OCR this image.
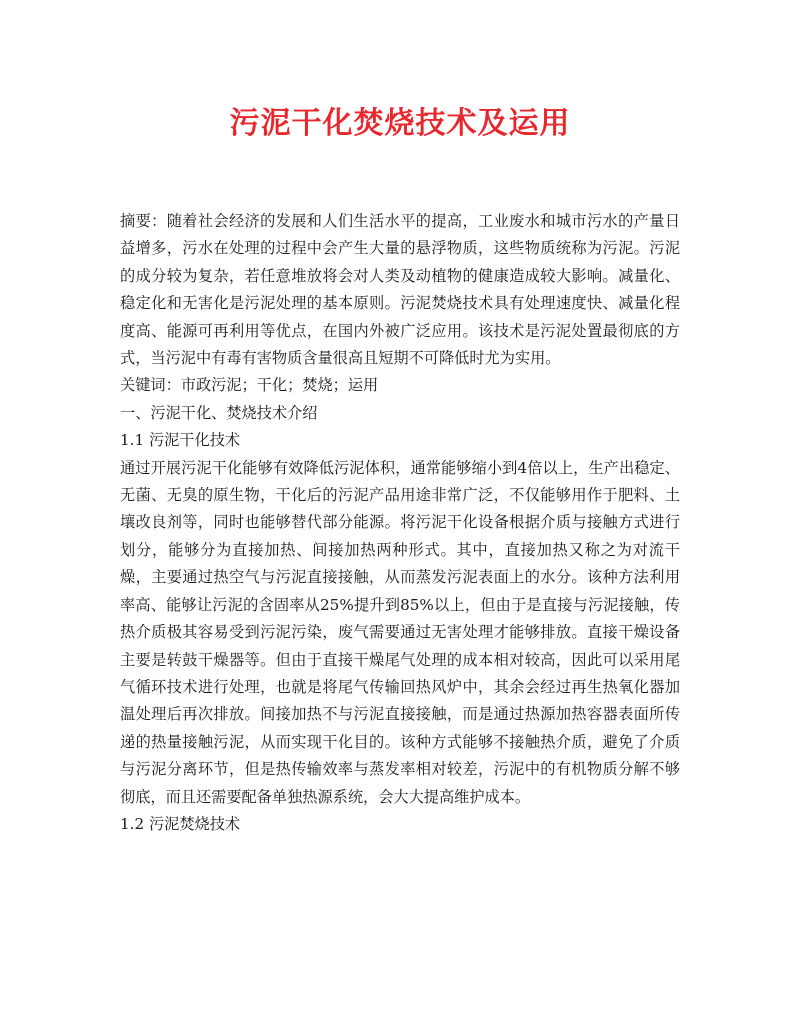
污泥干化焚烧技术及运用

摘要：随着社会经济的发展和人们生活水平的提高，工业废水和城市污水的产量日益增多，污水在处理的过程中会产生大量的悬浮物质，这些物质统称为污泥。污泥的成分较为复杂，若任意堆放将会对人类及动植物的健康造成较大影响。减量化、稳定化和无害化是污泥处理的基本原则。污泥焚烧技术具有处理速度快、减量化程度高、能源可再利用等优点，在国内外被广泛应用。该技术是污泥处置最彻底的方式，当污泥中有毒有害物质含量很高且短期不可降低时尤为实用。

关键词：市政污泥；干化；焚烧；运用

一、污泥干化、焚烧技术介绍

1.1 污泥干化技术

通过开展污泥干化能够有效降低污泥体积，通常能够缩小到4倍以上，生产出稳定、无菌、无臭的原生物，干化后的污泥产品用途非常广泛，不仅能够用作于肥料、土壤改良剂等，同时也能够替代部分能源。将污泥干化设备根据介质与接触方式进行划分，能够分为直接加热、间接加热两种形式。其中，直接加热又称之为对流干燥，主要通过热空气与污泥直接接触，从而蒸发污泥表面上的水分。该种方法利用率高、能够让污泥的含固率从25%提升到85%以上，但由于是直接与污泥接触，传热介质极其容易受到污泥污染，废气需要通过无害处理才能够排放。直接干燥设备主要是转鼓干燥器等。但由于直接干燥尾气处理的成本相对较高，因此可以采用尾气循环技术进行处理，也就是将尾气传输回热风炉中，其余会经过再生热氧化器加温处理后再次排放。间接加热不与污泥直接接触，而是通过热源加热容器表面所传递的热量接触污泥，从而实现干化目的。该种方式能够不接触热介质，避免了介质与污泥分离环节，但是热传输效率与蒸发率相对较差，污泥中的有机物质分解不够彻底，而且还需要配备单独热源系统，会大大提高维护成本。

1.2 污泥焚烧技术
